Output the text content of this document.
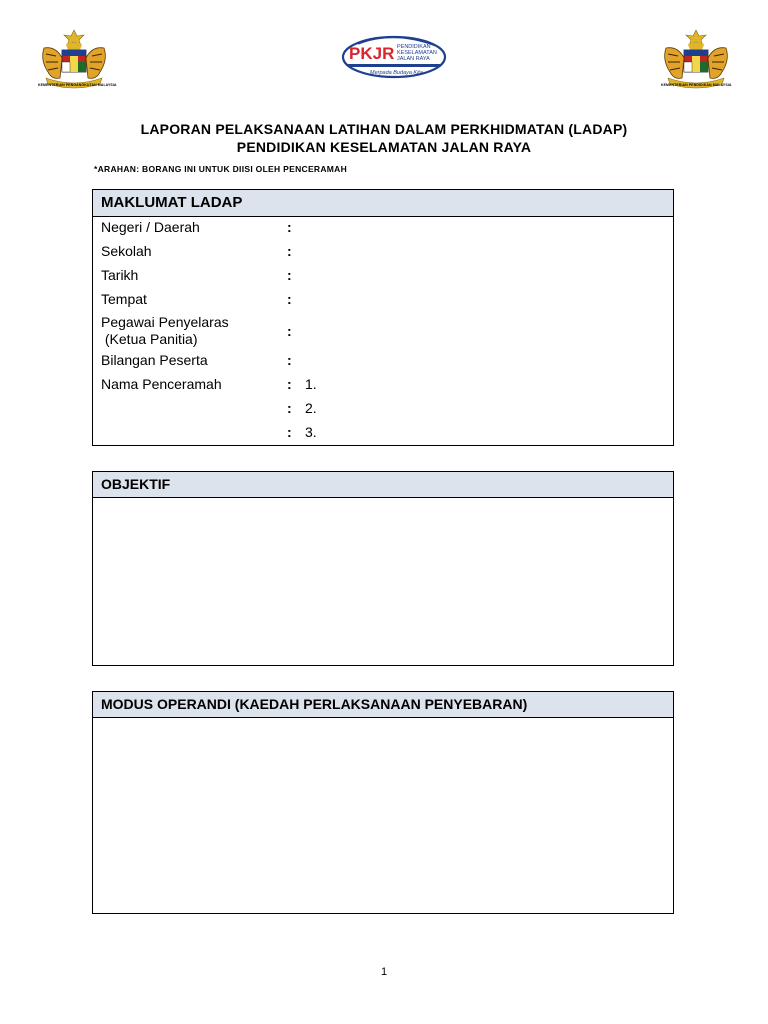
KEMENTERIAN PENGANGKUTAN MALAYSIA
PKJR PENDIDIKAN
KESELAMATAN
JALAN RAYA
Merpada Budaya Kita
KEMENTERIAN PENDIDIKAN MALAYSIA
LAPORAN PELAKSANAAN LATIHAN DALAM PERKHIDMATAN (LADAP)
PENDIDIKAN KESELAMATAN JALAN RAYA
*ARAHAN: BORANG INI UNTUK DIISI OLEH PENCERAMAH
MAKLUMAT LADAP
Negeri / Daerah	:
Sekolah	:
Tarikh	:
Tempat	:
Pegawai Penyelaras
(Ketua Panitia)	:
Bilangan Peserta	:
Nama Penceramah	: 1.
: 2.
: 3.
OBJEKTIF
MODUS OPERANDI (KAEDAH PERLAKSANAAN PENYEBARAN)
1
